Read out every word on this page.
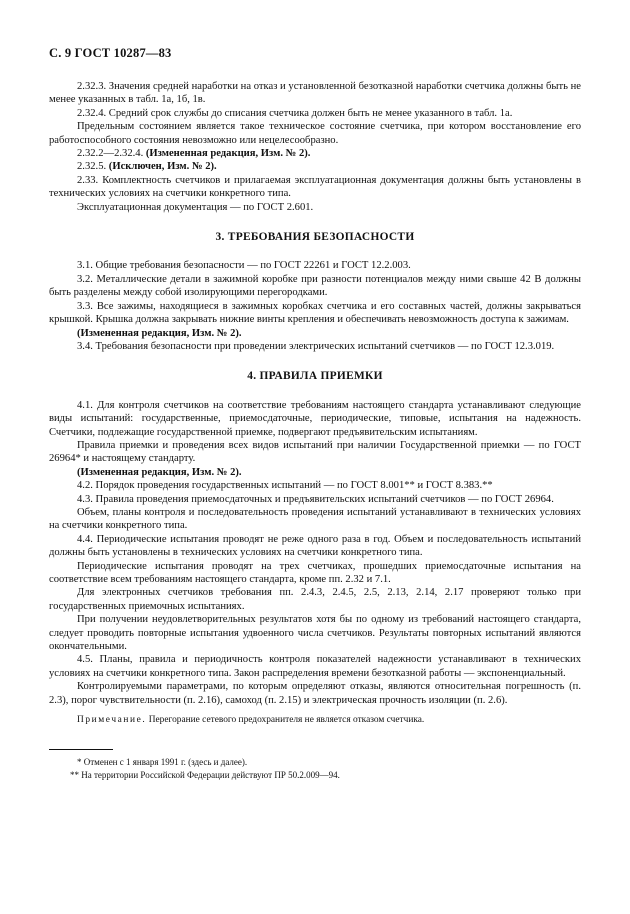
С. 9 ГОСТ 10287—83

2.32.3. Значения средней наработки на отказ и установленной безотказной наработки счетчика должны быть не менее указанных в табл. 1а, 1б, 1в.

2.32.4. Средний срок службы до списания счетчика должен быть не менее указанного в табл. 1а.

Предельным состоянием является такое техническое состояние счетчика, при котором восстановление его работоспособного состояния невозможно или нецелесообразно.

2.32.2—2.32.4. (Измененная редакция, Изм. № 2).

2.32.5. (Исключен, Изм. № 2).

2.33. Комплектность счетчиков и прилагаемая эксплуатационная документация должны быть установлены в технических условиях на счетчики конкретного типа.

Эксплуатационная документация — по ГОСТ 2.601.

3. ТРЕБОВАНИЯ БЕЗОПАСНОСТИ

3.1. Общие требования безопасности — по ГОСТ 22261 и ГОСТ 12.2.003.

3.2. Металлические детали в зажимной коробке при разности потенциалов между ними свыше 42 В должны быть разделены между собой изолирующими перегородками.

3.3. Все зажимы, находящиеся в зажимных коробках счетчика и его составных частей, должны закрываться крышкой. Крышка должна закрывать нижние винты крепления и обеспечивать невозможность доступа к зажимам.

(Измененная редакция, Изм. № 2).

3.4. Требования безопасности при проведении электрических испытаний счетчиков — по ГОСТ 12.3.019.

4. ПРАВИЛА ПРИЕМКИ

4.1. Для контроля счетчиков на соответствие требованиям настоящего стандарта устанавливают следующие виды испытаний: государственные, приемосдаточные, периодические, типовые, испытания на надежность. Счетчики, подлежащие государственной приемке, подвергают предъявительским испытаниям.

Правила приемки и проведения всех видов испытаний при наличии Государственной приемки — по ГОСТ 26964* и настоящему стандарту.

(Измененная редакция, Изм. № 2).

4.2. Порядок проведения государственных испытаний — по ГОСТ 8.001** и ГОСТ 8.383.**

4.3. Правила проведения приемосдаточных и предъявительских испытаний счетчиков — по ГОСТ 26964.

Объем, планы контроля и последовательность проведения испытаний устанавливают в технических условиях на счетчики конкретного типа.

4.4. Периодические испытания проводят не реже одного раза в год. Объем и последовательность испытаний должны быть установлены в технических условиях на счетчики конкретного типа.

Периодические испытания проводят на трех счетчиках, прошедших приемосдаточные испытания на соответствие всем требованиям настоящего стандарта, кроме пп. 2.32 и 7.1.

Для электронных счетчиков требования пп. 2.4.3, 2.4.5, 2.5, 2.13, 2.14, 2.17 проверяют только при государственных приемочных испытаниях.

При получении неудовлетворительных результатов хотя бы по одному из требований настоящего стандарта, следует проводить повторные испытания удвоенного числа счетчиков. Результаты повторных испытаний являются окончательными.

4.5. Планы, правила и периодичность контроля показателей надежности устанавливают в технических условиях на счетчики конкретного типа. Закон распределения времени безотказной работы — экспоненциальный.

Контролируемыми параметрами, по которым определяют отказы, являются относительная погрешность (п. 2.3), порог чувствительности (п. 2.16), самоход (п. 2.15) и электрическая прочность изоляции (п. 2.6).

Примечание. Перегорание сетевого предохранителя не является отказом счетчика.

* Отменен с 1 января 1991 г. (здесь и далее).

** На территории Российской Федерации действуют ПР 50.2.009—94.
